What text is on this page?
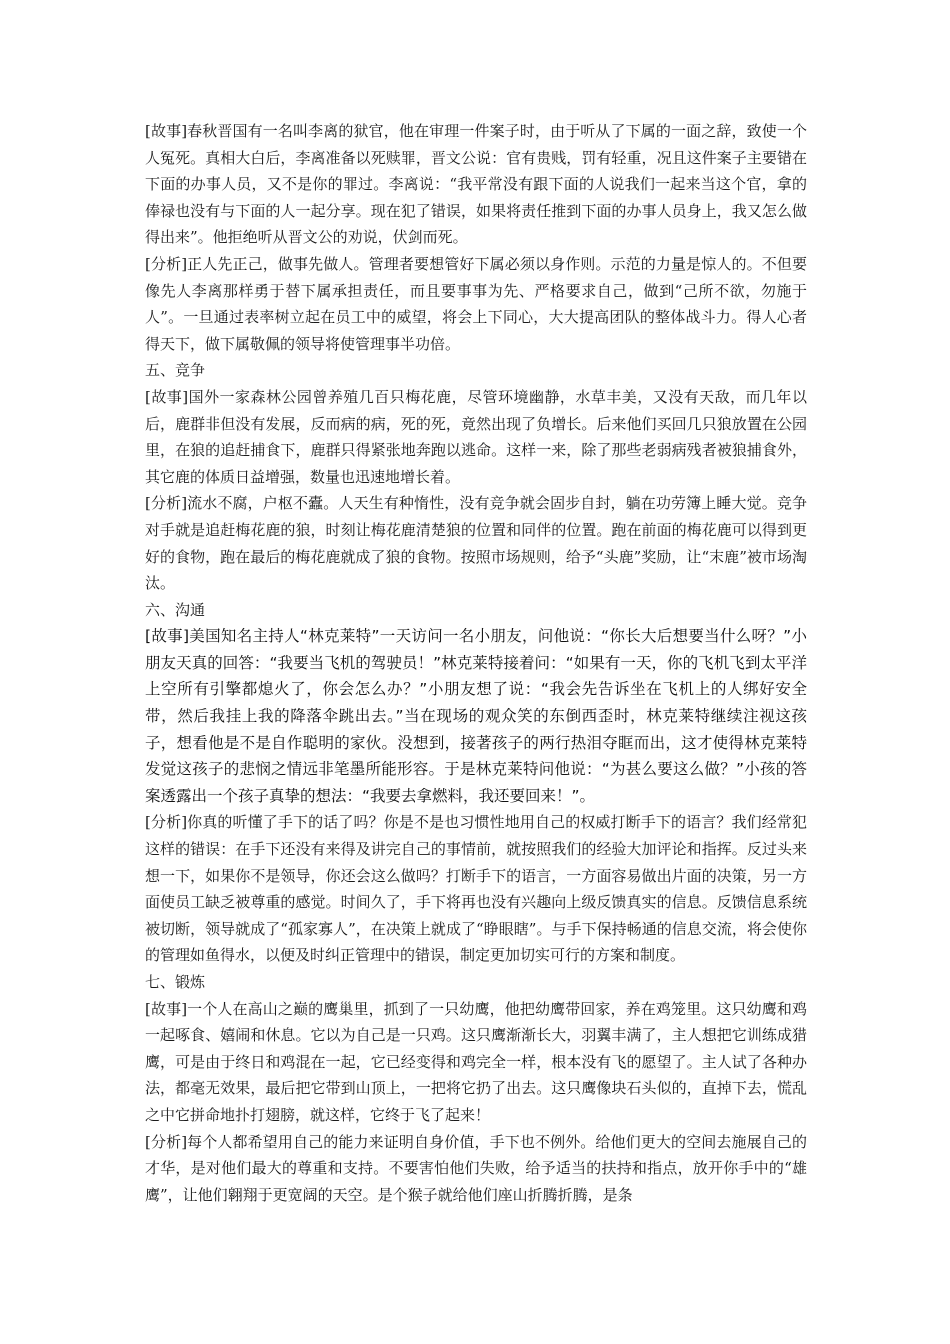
[故事]春秋晋国有一名叫李离的狱官，他在审理一件案子时，由于听从了下属的一面之辞，致使一个人冤死。真相大白后，李离准备以死赎罪，晋文公说：官有贵贱，罚有轻重，况且这件案子主要错在下面的办事人员，又不是你的罪过。李离说：“我平常没有跟下面的人说我们一起来当这个官，拿的俸禄也没有与下面的人一起分享。现在犯了错误，如果将责任推到下面的办事人员身上，我又怎么做得出来”。他拒绝听从晋文公的劝说，伏剑而死。

[分析]正人先正己，做事先做人。管理者要想管好下属必须以身作则。示范的力量是惊人的。不但要像先人李离那样勇于替下属承担责任，而且要事事为先、严格要求自己，做到“己所不欲，勿施于人”。一旦通过表率树立起在员工中的威望，将会上下同心，大大提高团队的整体战斗力。得人心者得天下，做下属敬佩的领导将使管理事半功倍。

五、竞争

[故事]国外一家森林公园曾养殖几百只梅花鹿，尽管环境幽静，水草丰美，又没有天敌，而几年以后，鹿群非但没有发展，反而病的病，死的死，竟然出现了负增长。后来他们买回几只狼放置在公园里，在狼的追赶捕食下，鹿群只得紧张地奔跑以逃命。这样一来，除了那些老弱病残者被狼捕食外，其它鹿的体质日益增强，数量也迅速地增长着。

[分析]流水不腐，户枢不蠹。人天生有种惰性，没有竞争就会固步自封，躺在功劳簿上睡大觉。竞争对手就是追赶梅花鹿的狼，时刻让梅花鹿清楚狼的位置和同伴的位置。跑在前面的梅花鹿可以得到更好的食物，跑在最后的梅花鹿就成了狼的食物。按照市场规则，给予“头鹿”奖励，让“末鹿”被市场淘汰。

六、沟通

[故事]美国知名主持人“林克莱特”一天访问一名小朋友，问他说：“你长大后想要当什么呀？”小朋友天真的回答：“我要当飞机的驾驶员！”林克莱特接着问：“如果有一天，你的飞机飞到太平洋上空所有引擎都熄火了，你会怎么办？”小朋友想了说：“我会先告诉坐在飞机上的人绑好安全带，然后我挂上我的降落伞跳出去。”当在现场的观众笑的东倒西歪时，林克莱特继续注视这孩子，想看他是不是自作聪明的家伙。没想到，接著孩子的两行热泪夺眶而出，这才使得林克莱特发觉这孩子的悲悯之情远非笔墨所能形容。于是林克莱特问他说：“为甚么要这么做？”小孩的答案透露出一个孩子真挚的想法：“我要去拿燃料，我还要回来！”。

[分析]你真的听懂了手下的话了吗？你是不是也习惯性地用自己的权威打断手下的语言？我们经常犯这样的错误：在手下还没有来得及讲完自己的事情前，就按照我们的经验大加评论和指挥。反过头来想一下，如果你不是领导，你还会这么做吗？打断手下的语言，一方面容易做出片面的决策，另一方面使员工缺乏被尊重的感觉。时间久了，手下将再也没有兴趣向上级反馈真实的信息。反馈信息系统被切断，领导就成了“孤家寡人”，在决策上就成了“睁眼瞎”。与手下保持畅通的信息交流，将会使你的管理如鱼得水，以便及时纠正管理中的错误，制定更加切实可行的方案和制度。

七、锻炼

[故事]一个人在高山之巅的鹰巢里，抓到了一只幼鹰，他把幼鹰带回家，养在鸡笼里。这只幼鹰和鸡一起啄食、嬉闹和休息。它以为自己是一只鸡。这只鹰渐渐长大，羽翼丰满了，主人想把它训练成猎鹰，可是由于终日和鸡混在一起，它已经变得和鸡完全一样，根本没有飞的愿望了。主人试了各种办法，都毫无效果，最后把它带到山顶上，一把将它扔了出去。这只鹰像块石头似的，直掉下去，慌乱之中它拼命地扑打翅膀，就这样，它终于飞了起来！

[分析]每个人都希望用自己的能力来证明自身价值，手下也不例外。给他们更大的空间去施展自己的才华，是对他们最大的尊重和支持。不要害怕他们失败，给予适当的扶持和指点，放开你手中的“雄鹰”，让他们翱翔于更宽阔的天空。是个猴子就给他们座山折腾折腾，是条
